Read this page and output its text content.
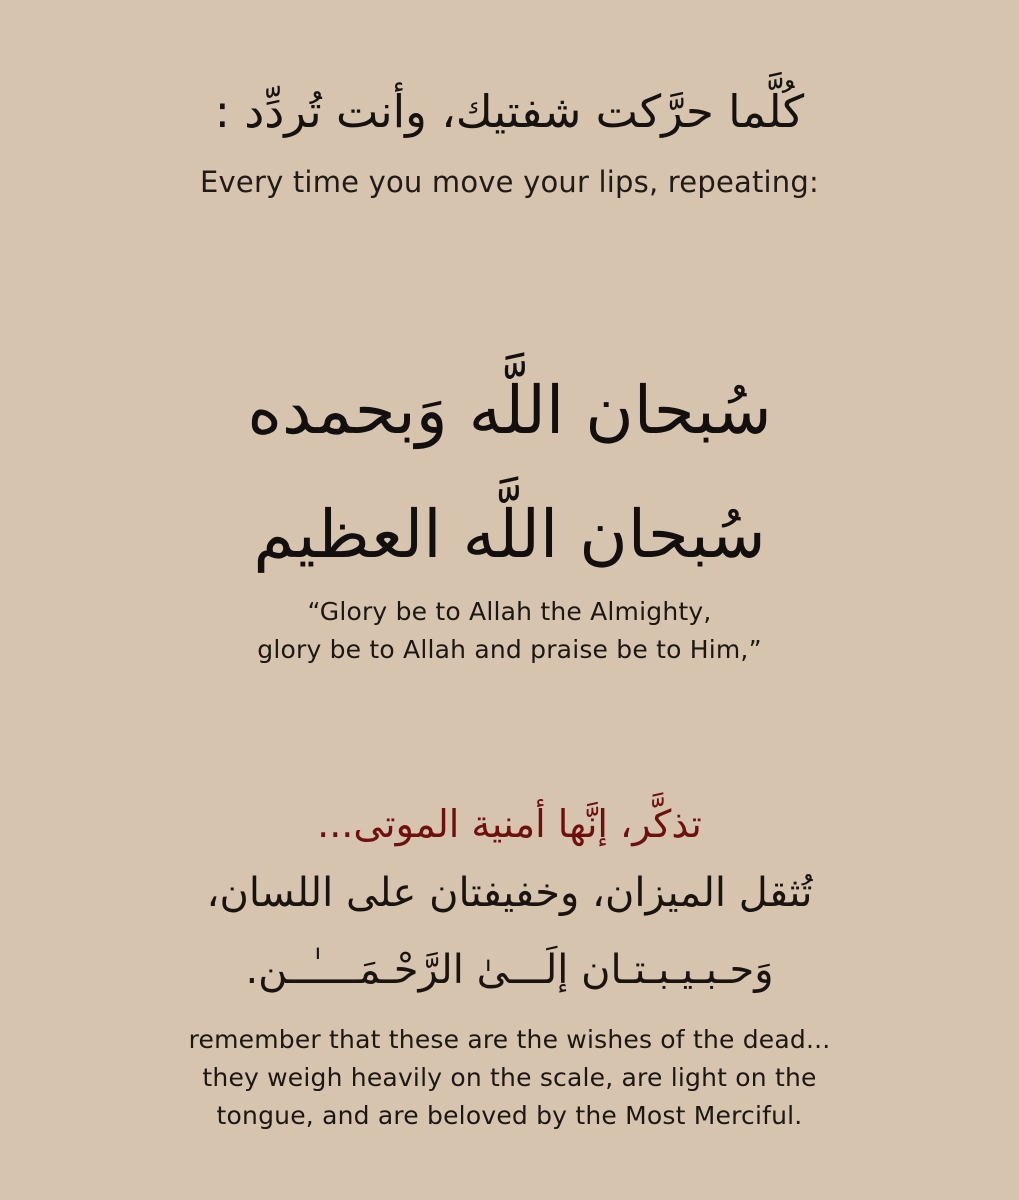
كُلَّما حرَّكت شفتيك، وأنت تُردِّد :
Every time you move your lips, repeating:
سُبحان اللَّه وَبحمده
سُبحان اللَّه العظيم
“Glory be to Allah the Almighty,
glory be to Allah and praise be to Him,”
تذكَّر، إنَّها أمنية الموتى...
تُثقل الميزان، وخفيفتان على اللسان،
وَحـبـيـبـتـان إلَـــىٰ الرَّحْـمَــــٰــن.
remember that these are the wishes of the dead...
they weigh heavily on the scale, are light on the
tongue, and are beloved by the Most Merciful.
